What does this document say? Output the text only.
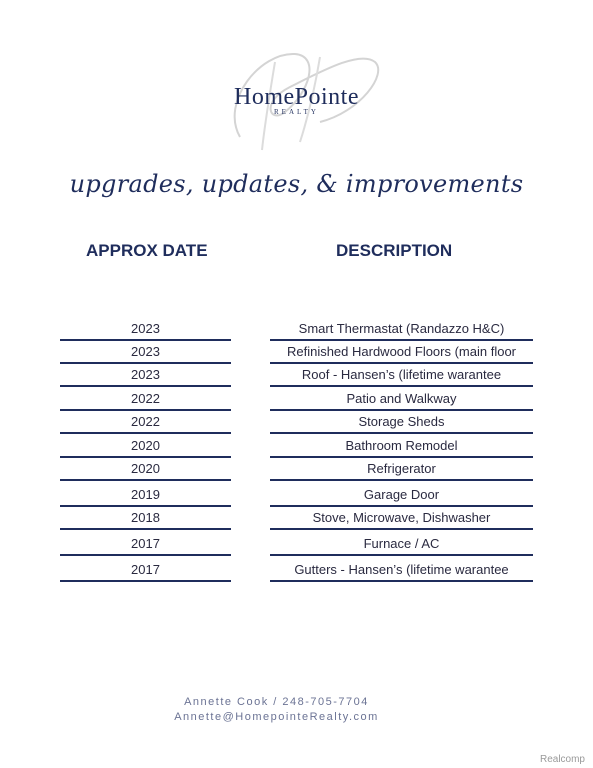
HomePointe
REALTY
upgrades, updates, & improvements
APPROX DATE	DESCRIPTION
2023	Smart Thermastat (Randazzo H&C)
2023	Refinished Hardwood Floors (main floor
2023	Roof - Hansen’s (lifetime warantee
2022	Patio and Walkway
2022	Storage Sheds
2020	Bathroom Remodel
2020	Refrigerator
2019	Garage Door
2018	Stove, Microwave, Dishwasher
2017	Furnace / AC
2017	Gutters - Hansen’s (lifetime warantee
Annette Cook / 248-705-7704
Annette@HomepointeRealty.com
Realcomp
